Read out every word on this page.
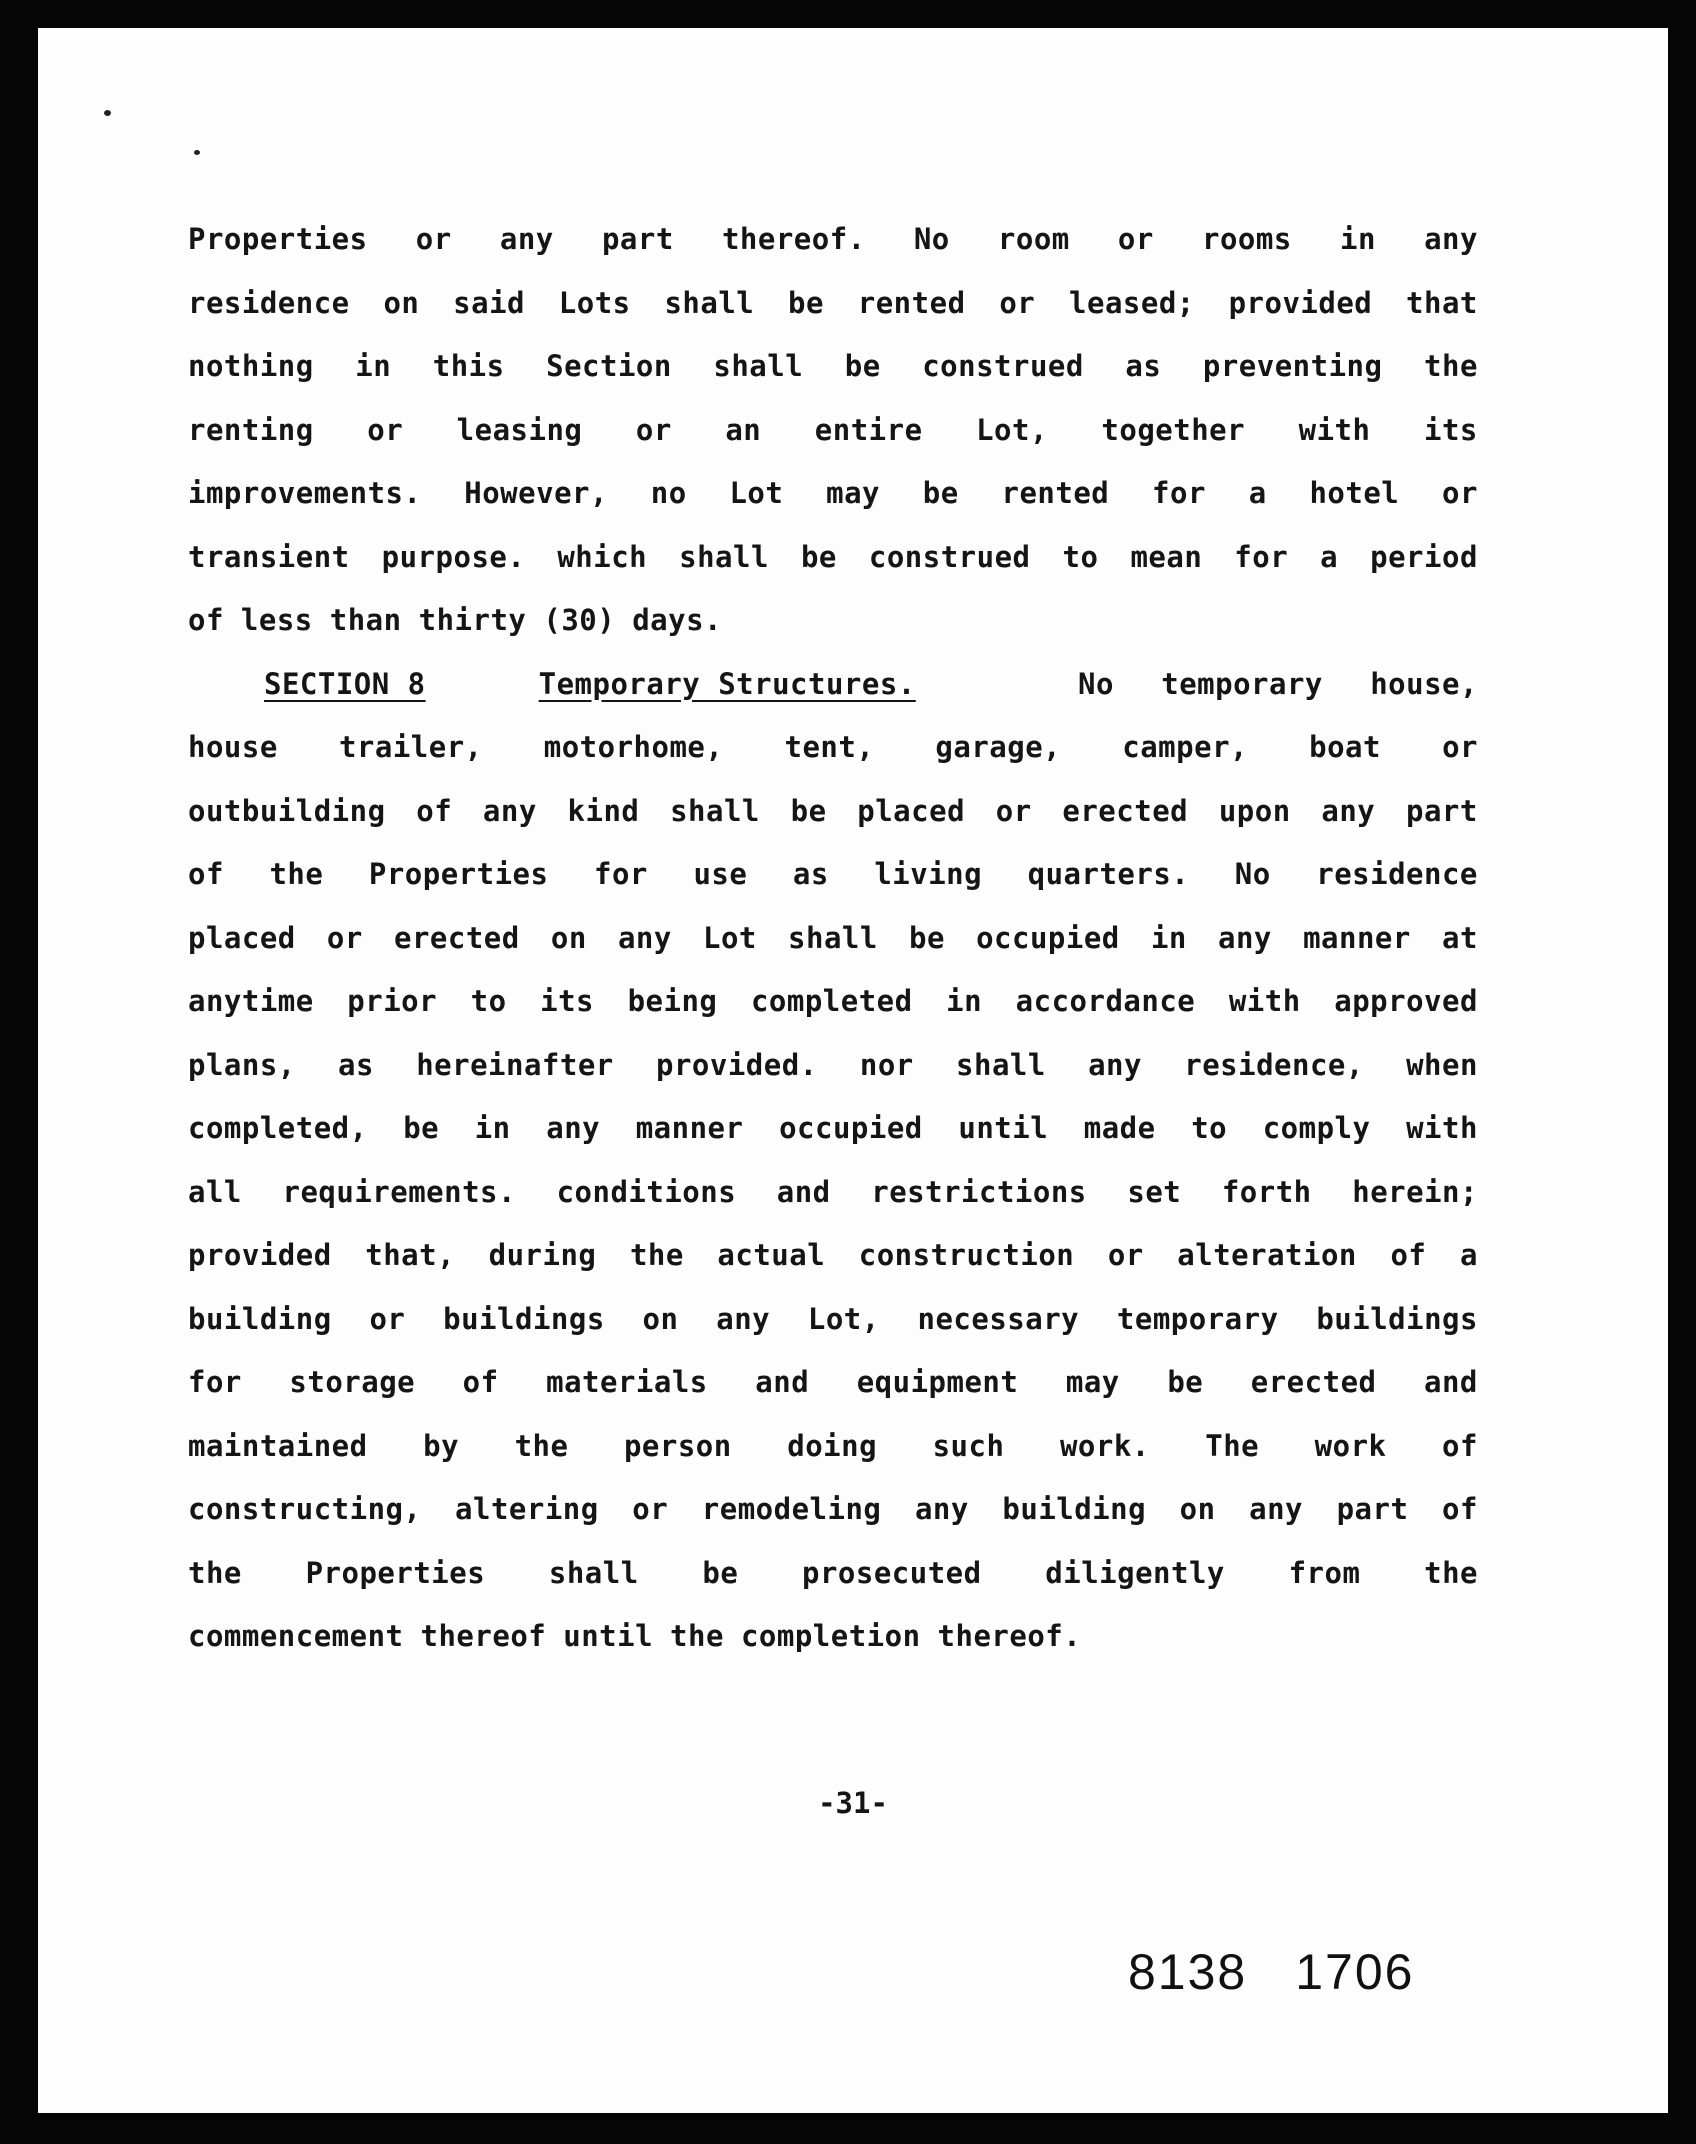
Properties or any part thereof. No room or rooms in any
residence on said Lots shall be rented or leased; provided that
nothing in this Section shall be construed as preventing the
renting or leasing or an entire Lot, together with its
improvements. However, no Lot may be rented for a hotel or
transient purpose. which shall be construed to mean for a period
of less than thirty (30) days.
SECTION 8	Temporary Structures.	No temporary house,
house trailer, motorhome, tent, garage, camper, boat or
outbuilding of any kind shall be placed or erected upon any part
of the Properties for use as living quarters. No residence
placed or erected on any Lot shall be occupied in any manner at
anytime prior to its being completed in accordance with approved
plans, as hereinafter provided. nor shall any residence, when
completed, be in any manner occupied until made to comply with
all requirements. conditions and restrictions set forth herein;
provided that, during the actual construction or alteration of a
building or buildings on any Lot, necessary temporary buildings
for storage of materials and equipment may be erected and
maintained by the person doing such work. The work of
constructing, altering or remodeling any building on any part of
the Properties shall be prosecuted diligently from the
commencement thereof until the completion thereof.
-31-
8138 1706
